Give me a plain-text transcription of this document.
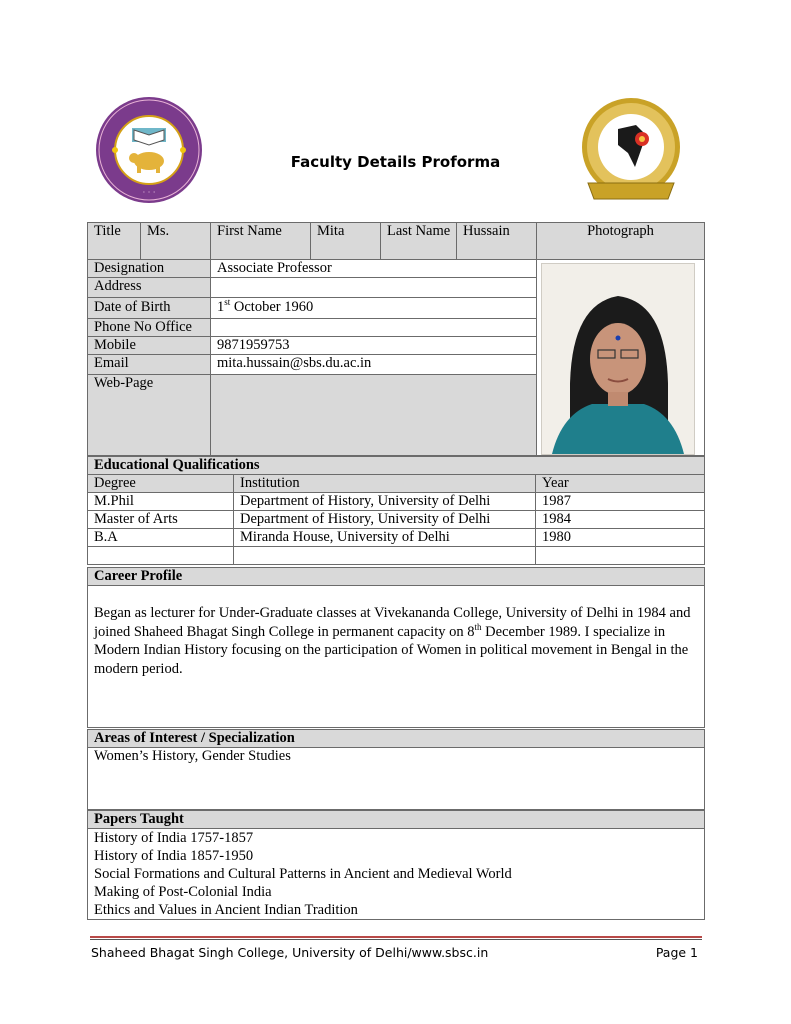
· · ·
Faculty Details Proforma
Title	Ms.	First Name	Mita	Last Name	Hussain	Photograph
Designation		Associate Professor	

Address						
Date of Birth		1st October 1960				
Phone No Office						
Mobile		9871959753				
Email		mita.hussain@sbs.du.ac.in				
Web-Page						
Educational Qualifications		
Degree	Institution	Year
M.Phil	Department of History, University of Delhi	1987
Master of Arts	Department of History, University of Delhi	1984
B.A	Miranda House, University of Delhi	1980

Career Profile
Began as lecturer for Under-Graduate classes at Vivekananda College, University of Delhi in 1984 and joined Shaheed Bhagat Singh College in permanent capacity on 8th December 1989. I specialize in Modern Indian History focusing on the participation of Women in political movement in Bengal in the modern period.
Areas of Interest / Specialization
Women’s History, Gender Studies
Papers Taught

History of India 1757-1857
History of India 1857-1950
Social Formations and Cultural Patterns in Ancient and Medieval World
Making of Post-Colonial India
Ethics and Values in Ancient Indian Tradition
Shaheed Bhagat Singh College, University of Delhi/www.sbsc.in	Page 1
